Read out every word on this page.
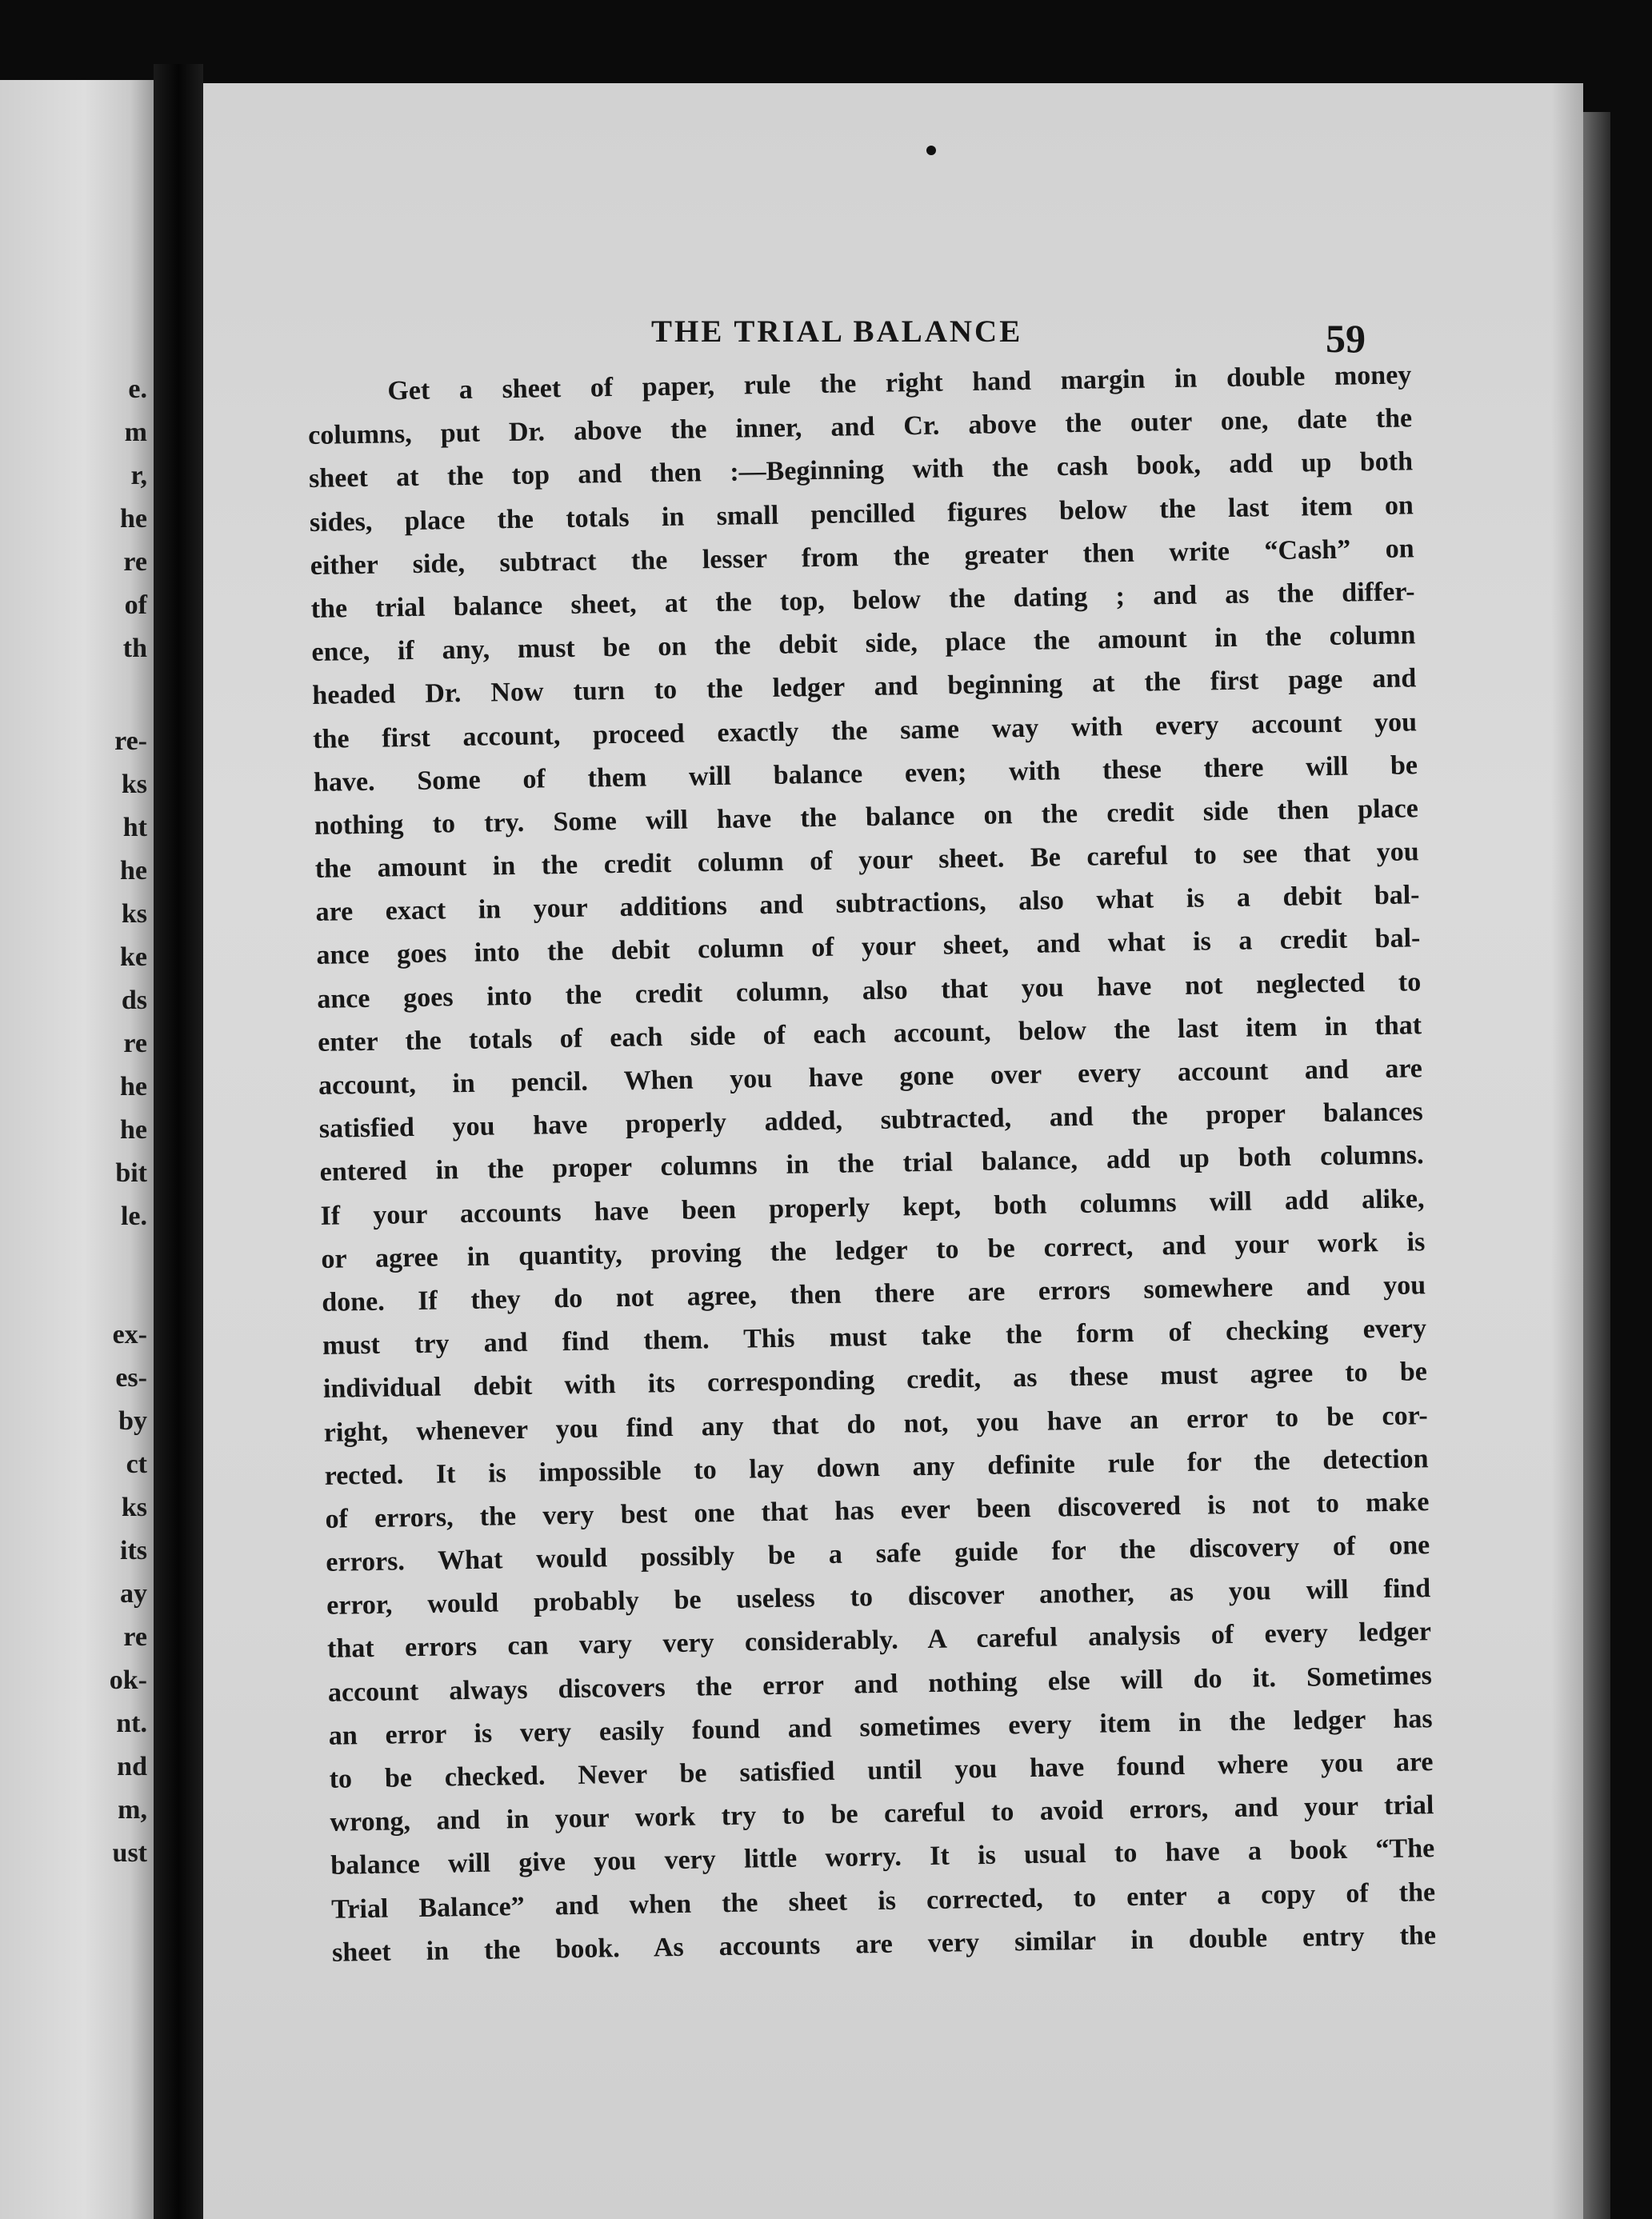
e.
m
r,
he
re
of
th
re-
ks
ht
he
ks
ke
ds
re
he
he
bit
le.
ex-
es-
by
ct
ks
its
ay
re
ok-
nt.
nd
m,
ust
THE TRIAL BALANCE	59
Get a sheet of paper, rule the right hand margin in double money
columns, put Dr. above the inner, and Cr. above the outer one, date the
sheet at the top and then :—Beginning with the cash book, add up both
sides, place the totals in small pencilled figures below the last item on
either side, subtract the lesser from the greater then write “Cash” on
the trial balance sheet, at the top, below the dating ; and as the differ-
ence, if any, must be on the debit side, place the amount in the column
headed Dr. Now turn to the ledger and beginning at the first page and
the first account, proceed exactly the same way with every account you
have. Some of them will balance even; with these there will be
nothing to try. Some will have the balance on the credit side then place
the amount in the credit column of your sheet. Be careful to see that you
are exact in your additions and subtractions, also what is a debit bal-
ance goes into the debit column of your sheet, and what is a credit bal-
ance goes into the credit column, also that you have not neglected to
enter the totals of each side of each account, below the last item in that
account, in pencil. When you have gone over every account and are
satisfied you have properly added, subtracted, and the proper balances
entered in the proper columns in the trial balance, add up both columns.
If your accounts have been properly kept, both columns will add alike,
or agree in quantity, proving the ledger to be correct, and your work is
done. If they do not agree, then there are errors somewhere and you
must try and find them. This must take the form of checking every
individual debit with its corresponding credit, as these must agree to be
right, whenever you find any that do not, you have an error to be cor-
rected. It is impossible to lay down any definite rule for the detection
of errors, the very best one that has ever been discovered is not to make
errors. What would possibly be a safe guide for the discovery of one
error, would probably be useless to discover another, as you will find
that errors can vary very considerably. A careful analysis of every ledger
account always discovers the error and nothing else will do it. Sometimes
an error is very easily found and sometimes every item in the ledger has
to be checked. Never be satisfied until you have found where you are
wrong, and in your work try to be careful to avoid errors, and your trial
balance will give you very little worry. It is usual to have a book “The
Trial Balance” and when the sheet is corrected, to enter a copy of the
sheet in the book. As accounts are very similar in double entry the
